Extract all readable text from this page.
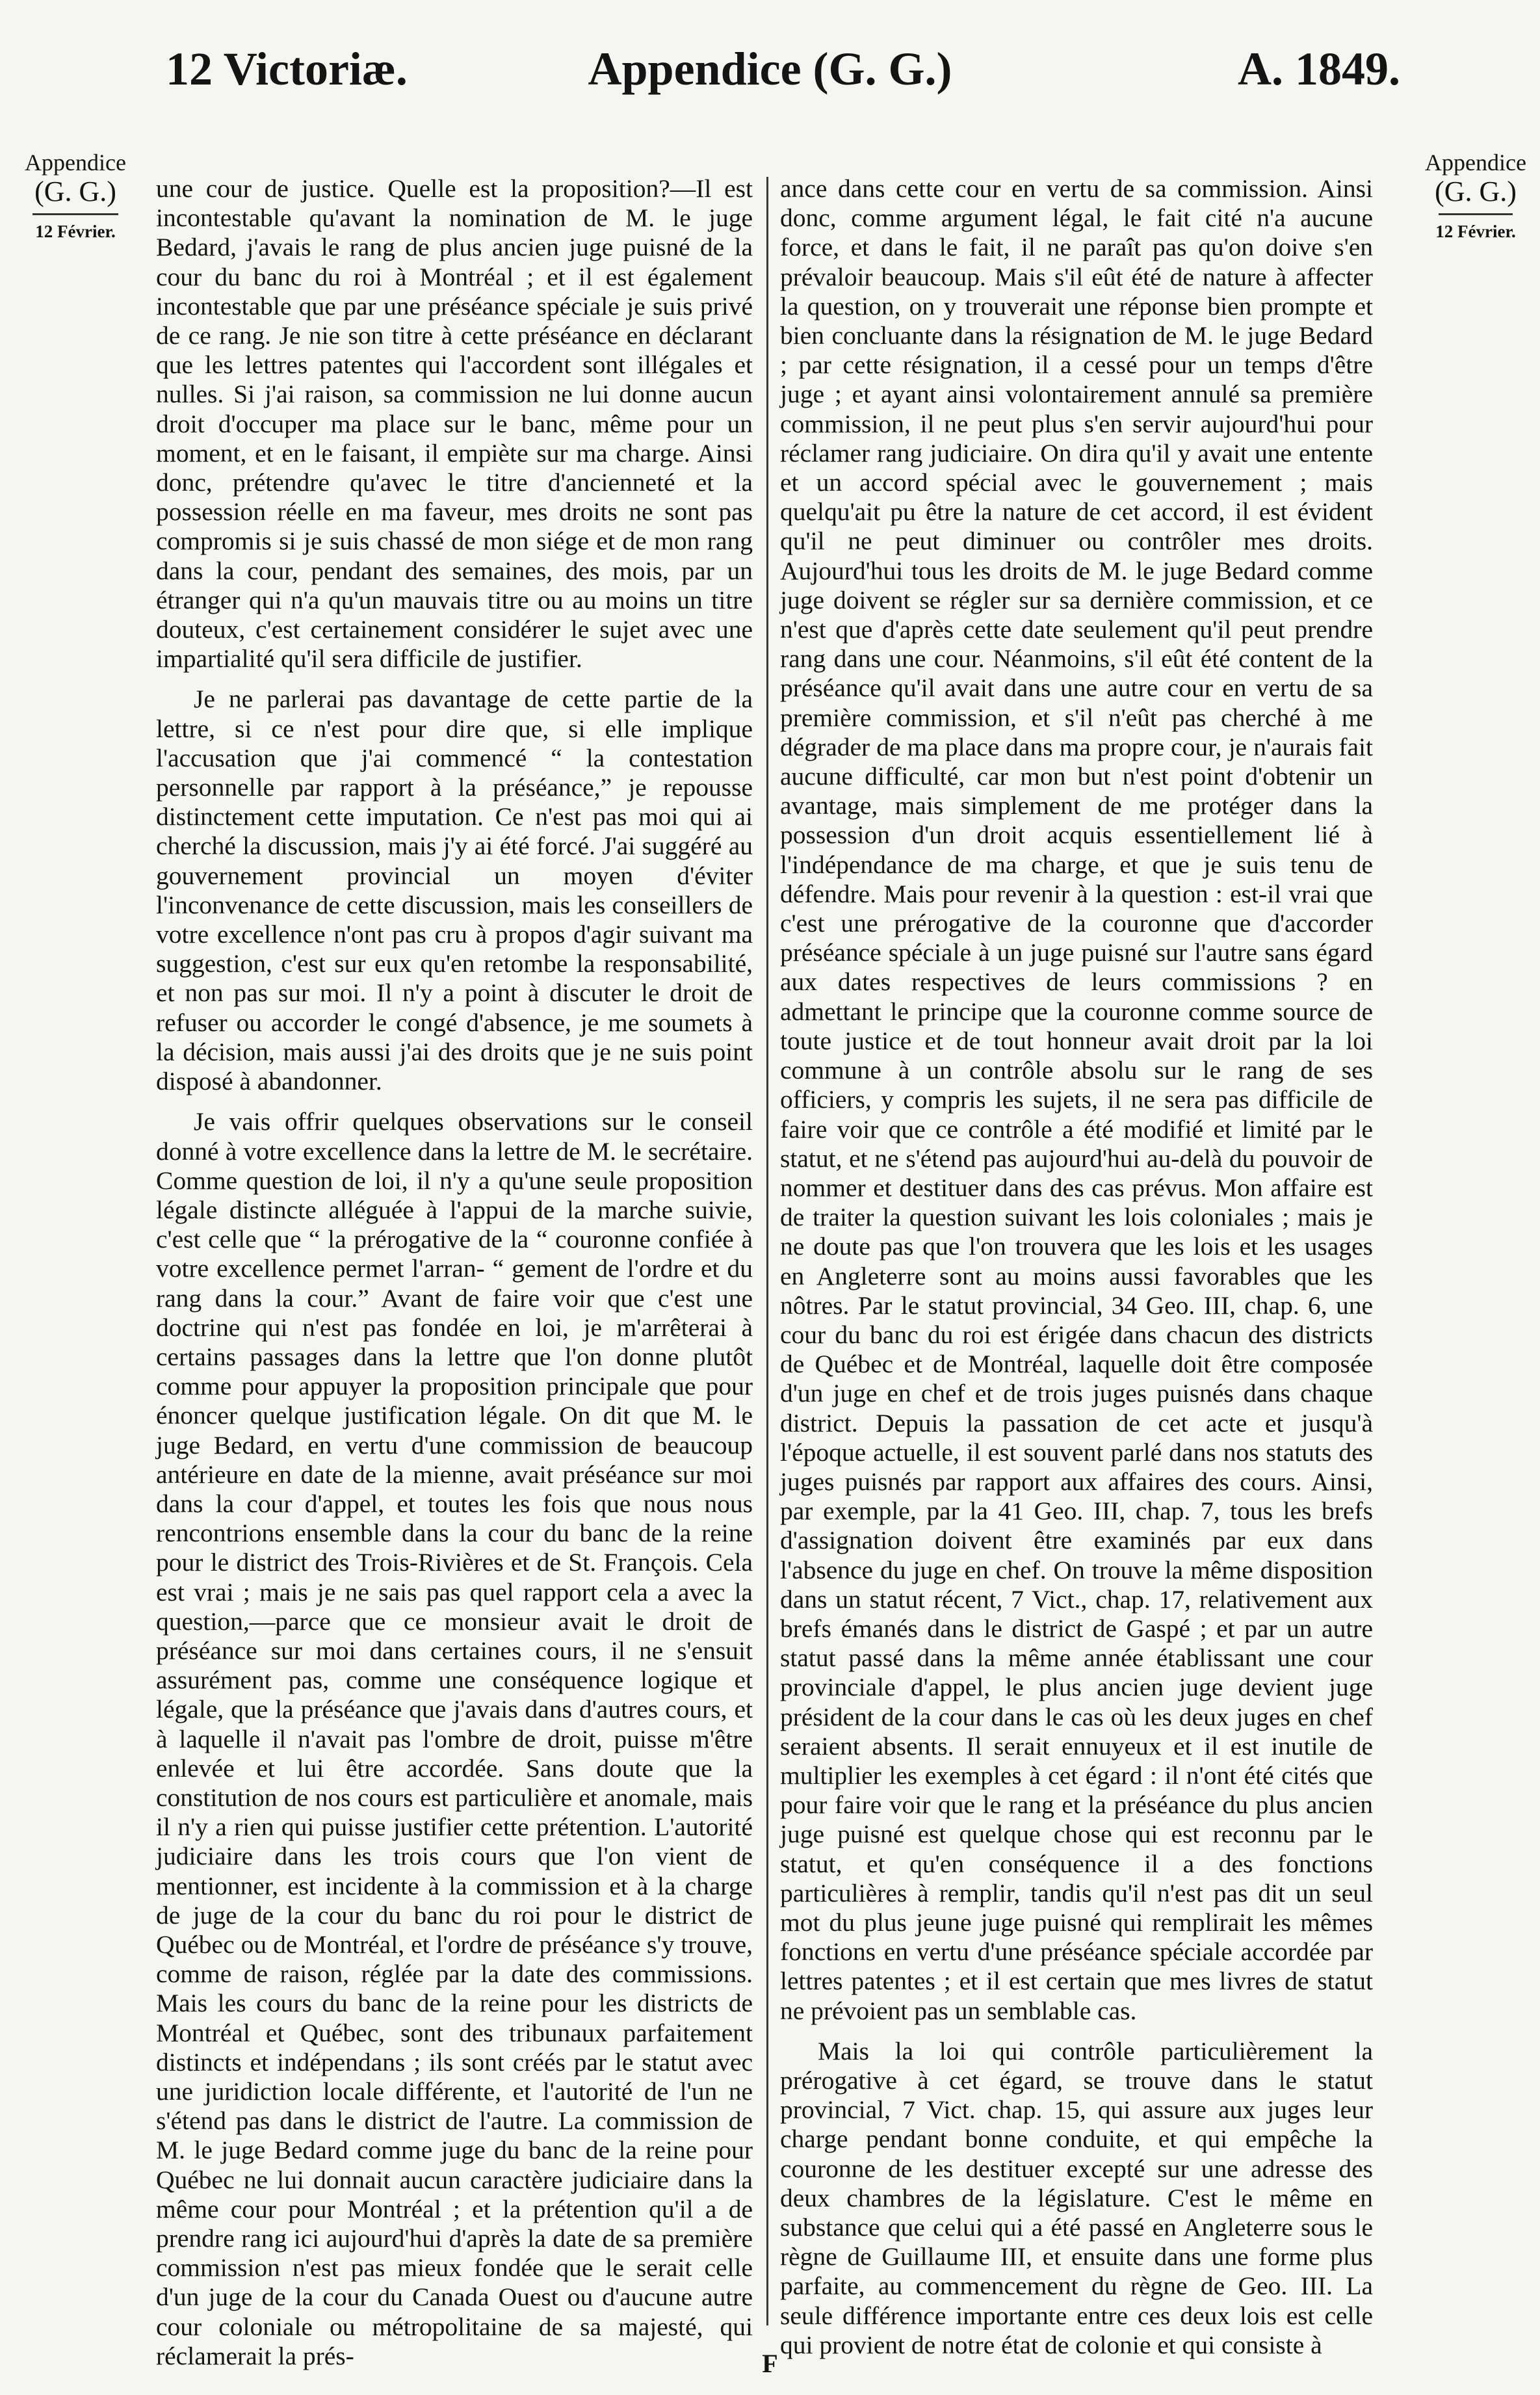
Appendice (G. G.)
12 Victoriæ.	A. 1849.
Appendice
(G. G.)
12 Février.
Appendice
(G. G.)
12 Février.

une cour de justice. Quelle est la proposition?—Il est incontestable qu'avant la nomination de M. le juge Bedard, j'avais le rang de plus ancien juge puisné de la cour du banc du roi à Montréal ; et il est également incontestable que par une préséance spéciale je suis privé de ce rang. Je nie son titre à cette préséance en déclarant que les lettres patentes qui l'accordent sont illégales et nulles. Si j'ai raison, sa commission ne lui donne aucun droit d'occuper ma place sur le banc, même pour un moment, et en le faisant, il empiète sur ma charge. Ainsi donc, prétendre qu'avec le titre d'ancienneté et la possession réelle en ma faveur, mes droits ne sont pas compromis si je suis chassé de mon siége et de mon rang dans la cour, pendant des semaines, des mois, par un étranger qui n'a qu'un mauvais titre ou au moins un titre douteux, c'est certainement considérer le sujet avec une impartialité qu'il sera difficile de justifier.

Je ne parlerai pas davantage de cette partie de la lettre, si ce n'est pour dire que, si elle implique l'accusation que j'ai commencé “ la contestation personnelle par rapport à la préséance,” je repousse distinctement cette imputation. Ce n'est pas moi qui ai cherché la discussion, mais j'y ai été forcé. J'ai suggéré au gouvernement provincial un moyen d'éviter l'inconvenance de cette discussion, mais les conseillers de votre excellence n'ont pas cru à propos d'agir suivant ma suggestion, c'est sur eux qu'en retombe la responsabilité, et non pas sur moi. Il n'y a point à discuter le droit de refuser ou accorder le congé d'absence, je me soumets à la décision, mais aussi j'ai des droits que je ne suis point disposé à abandonner.

Je vais offrir quelques observations sur le conseil donné à votre excellence dans la lettre de M. le secrétaire. Comme question de loi, il n'y a qu'une seule proposition légale distincte alléguée à l'appui de la marche suivie, c'est celle que “ la prérogative de la “ couronne confiée à votre excellence permet l'arran- “ gement de l'ordre et du rang dans la cour.” Avant de faire voir que c'est une doctrine qui n'est pas fondée en loi, je m'arrêterai à certains passages dans la lettre que l'on donne plutôt comme pour appuyer la proposition principale que pour énoncer quelque justification légale. On dit que M. le juge Bedard, en vertu d'une commission de beaucoup antérieure en date de la mienne, avait préséance sur moi dans la cour d'appel, et toutes les fois que nous nous rencontrions ensemble dans la cour du banc de la reine pour le district des Trois-Rivières et de St. François. Cela est vrai ; mais je ne sais pas quel rapport cela a avec la question,—parce que ce monsieur avait le droit de préséance sur moi dans certaines cours, il ne s'ensuit assurément pas, comme une conséquence logique et légale, que la préséance que j'avais dans d'autres cours, et à laquelle il n'avait pas l'ombre de droit, puisse m'être enlevée et lui être accordée. Sans doute que la constitution de nos cours est particulière et anomale, mais il n'y a rien qui puisse justifier cette prétention. L'autorité judiciaire dans les trois cours que l'on vient de mentionner, est incidente à la commission et à la charge de juge de la cour du banc du roi pour le district de Québec ou de Montréal, et l'ordre de préséance s'y trouve, comme de raison, réglée par la date des commissions. Mais les cours du banc de la reine pour les districts de Montréal et Québec, sont des tribunaux parfaitement distincts et indépendans ; ils sont créés par le statut avec une juridiction locale différente, et l'autorité de l'un ne s'étend pas dans le district de l'autre. La commission de M. le juge Bedard comme juge du banc de la reine pour Québec ne lui donnait aucun caractère judiciaire dans la même cour pour Montréal ; et la prétention qu'il a de prendre rang ici aujourd'hui d'après la date de sa première commission n'est pas mieux fondée que le serait celle d'un juge de la cour du Canada Ouest ou d'aucune autre cour coloniale ou métropolitaine de sa majesté, qui réclamerait la prés-

ance dans cette cour en vertu de sa commission. Ainsi donc, comme argument légal, le fait cité n'a aucune force, et dans le fait, il ne paraît pas qu'on doive s'en prévaloir beaucoup. Mais s'il eût été de nature à affecter la question, on y trouverait une réponse bien prompte et bien concluante dans la résignation de M. le juge Bedard ; par cette résignation, il a cessé pour un temps d'être juge ; et ayant ainsi volontairement annulé sa première commission, il ne peut plus s'en servir aujourd'hui pour réclamer rang judiciaire. On dira qu'il y avait une entente et un accord spécial avec le gouvernement ; mais quelqu'ait pu être la nature de cet accord, il est évident qu'il ne peut diminuer ou contrôler mes droits. Aujourd'hui tous les droits de M. le juge Bedard comme juge doivent se régler sur sa dernière commission, et ce n'est que d'après cette date seulement qu'il peut prendre rang dans une cour. Néanmoins, s'il eût été content de la préséance qu'il avait dans une autre cour en vertu de sa première commission, et s'il n'eût pas cherché à me dégrader de ma place dans ma propre cour, je n'aurais fait aucune difficulté, car mon but n'est point d'obtenir un avantage, mais simplement de me protéger dans la possession d'un droit acquis essentiellement lié à l'indépendance de ma charge, et que je suis tenu de défendre. Mais pour revenir à la question : est-il vrai que c'est une prérogative de la couronne que d'accorder préséance spéciale à un juge puisné sur l'autre sans égard aux dates respectives de leurs commissions ? en admettant le principe que la couronne comme source de toute justice et de tout honneur avait droit par la loi commune à un contrôle absolu sur le rang de ses officiers, y compris les sujets, il ne sera pas difficile de faire voir que ce contrôle a été modifié et limité par le statut, et ne s'étend pas aujourd'hui au-delà du pouvoir de nommer et destituer dans des cas prévus. Mon affaire est de traiter la question suivant les lois coloniales ; mais je ne doute pas que l'on trouvera que les lois et les usages en Angleterre sont au moins aussi favorables que les nôtres. Par le statut provincial, 34 Geo. III, chap. 6, une cour du banc du roi est érigée dans chacun des districts de Québec et de Montréal, laquelle doit être composée d'un juge en chef et de trois juges puisnés dans chaque district. Depuis la passation de cet acte et jusqu'à l'époque actuelle, il est souvent parlé dans nos statuts des juges puisnés par rapport aux affaires des cours. Ainsi, par exemple, par la 41 Geo. III, chap. 7, tous les brefs d'assignation doivent être examinés par eux dans l'absence du juge en chef. On trouve la même disposition dans un statut récent, 7 Vict., chap. 17, relativement aux brefs émanés dans le district de Gaspé ; et par un autre statut passé dans la même année établissant une cour provinciale d'appel, le plus ancien juge devient juge président de la cour dans le cas où les deux juges en chef seraient absents. Il serait ennuyeux et il est inutile de multiplier les exemples à cet égard : il n'ont été cités que pour faire voir que le rang et la préséance du plus ancien juge puisné est quelque chose qui est reconnu par le statut, et qu'en conséquence il a des fonctions particulières à remplir, tandis qu'il n'est pas dit un seul mot du plus jeune juge puisné qui remplirait les mêmes fonctions en vertu d'une préséance spéciale accordée par lettres patentes ; et il est certain que mes livres de statut ne prévoient pas un semblable cas.

Mais la loi qui contrôle particulièrement la prérogative à cet égard, se trouve dans le statut provincial, 7 Vict. chap. 15, qui assure aux juges leur charge pendant bonne conduite, et qui empêche la couronne de les destituer excepté sur une adresse des deux chambres de la législature. C'est le même en substance que celui qui a été passé en Angleterre sous le règne de Guillaume III, et ensuite dans une forme plus parfaite, au commencement du règne de Geo. III. La seule différence importante entre ces deux lois est celle qui provient de notre état de colonie et qui consiste à

F
